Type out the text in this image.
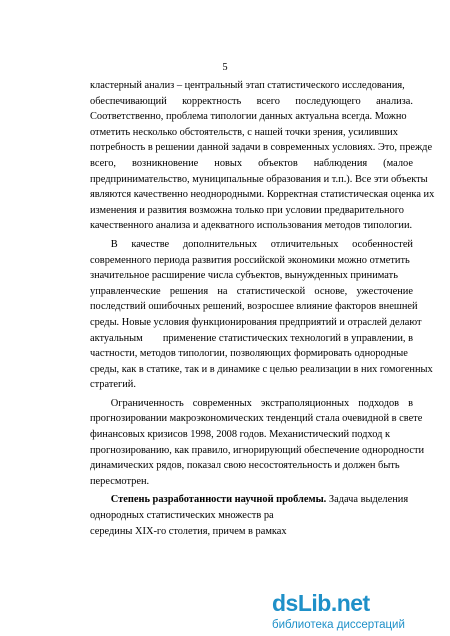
5
кластерный анализ – центральный этап статистического исследования,
обеспечивающий корректность всего последующего анализа.
Соответственно, проблема типологии данных актуальна всегда. Можно
отметить несколько обстоятельств, с нашей точки зрения, усиливших
потребность в решении данной задачи в современных условиях. Это, прежде
всего, возникновение новых объектов наблюдения (малое
предпринимательство, муниципальные образования и т.п.). Все эти объекты
являются качественно неоднородными. Корректная статистическая оценка их
изменения и развития возможна только при условии предварительного
качественного анализа и адекватного использования методов типологии.
В качестве дополнительных отличительных особенностей
современного периода развития российской экономики можно отметить
значительное расширение числа субъектов, вынужденных принимать
управленческие решения на статистической основе, ужесточение
последствий ошибочных решений, возросшее влияние факторов внешней
среды. Новые условия функционирования предприятий и отраслей делают
актуальным применение статистических технологий в управлении, в
частности, методов типологии, позволяющих формировать однородные
среды, как в статике, так и в динамике с целью реализации в них гомогенных
стратегий.
Ограниченность современных экстраполяционных подходов в
прогнозировании макроэкономических тенденций стала очевидной в свете
финансовых кризисов 1998, 2008 годов. Механистический подход к
прогнозированию, как правило, игнорирующий обеспечение однородности
динамических рядов, показал свою несостоятельность и должен быть
пересмотрен.

Степень разработанности научной проблемы. Задача выделения
однородных статистических множеств ра
середины XIX-го столетия, причем в рамках
dsLib.net
библиотека диссертаций
